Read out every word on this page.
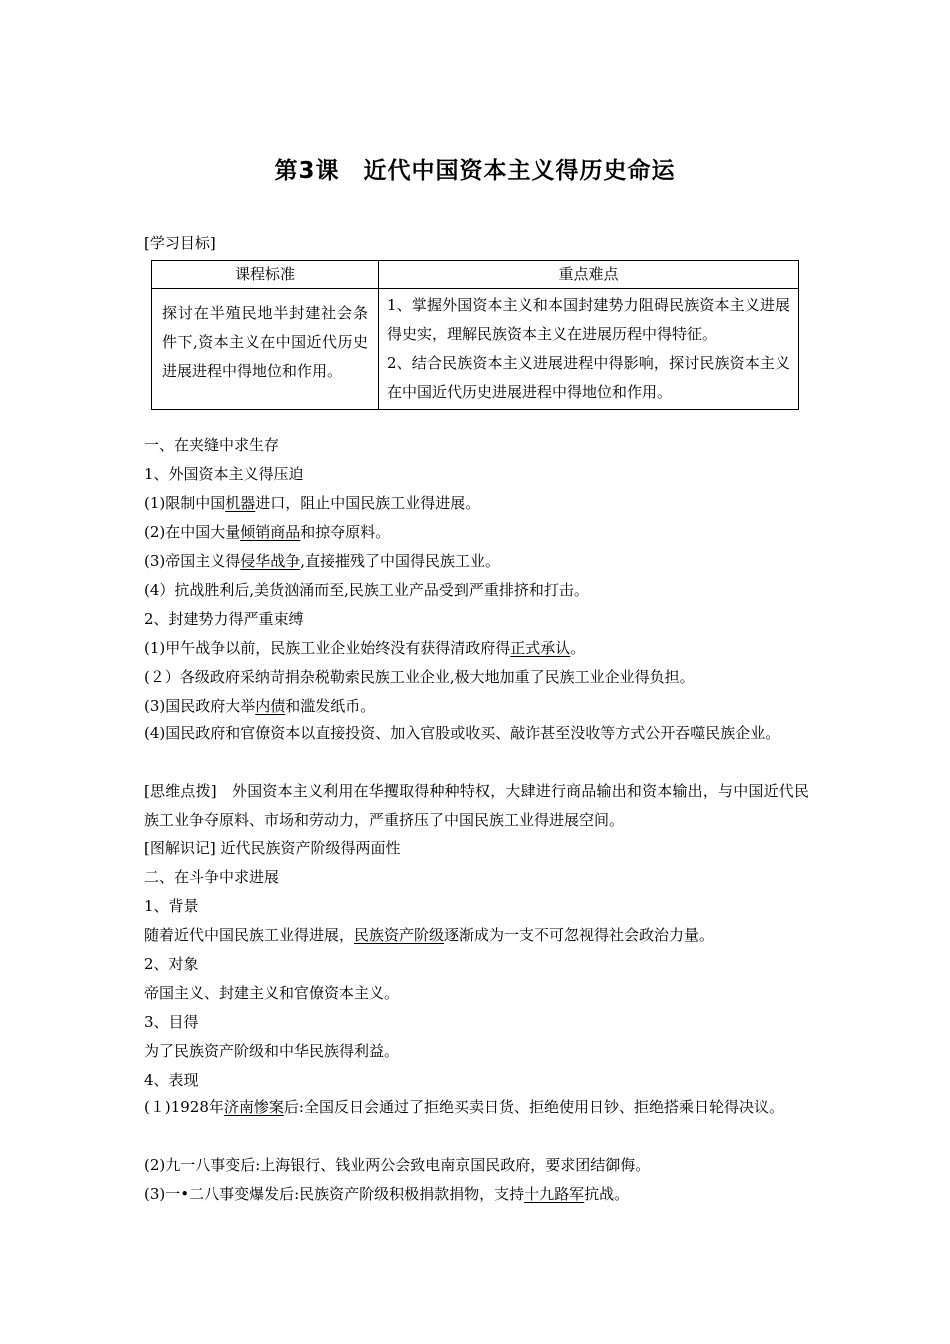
第3课　近代中国资本主义得历史命运
[学习目标]
课程标准	重点难点
探讨在半殖民地半封建社会条件下,资本主义在中国近代历史进展进程中得地位和作用。	1、掌握外国资本主义和本国封建势力阻碍民族资本主义进展得史实，理解民族资本主义在进展历程中得特征。
2、结合民族资本主义进展进程中得影响，探讨民族资本主义在中国近代历史进展进程中得地位和作用。
一、在夹缝中求生存
1、外国资本主义得压迫
(1)限制中国机器进口，阻止中国民族工业得进展。
(2)在中国大量倾销商品和掠夺原料。
(3)帝国主义得侵华战争,直接摧残了中国得民族工业。
(4）抗战胜利后,美货汹涌而至,民族工业产品受到严重排挤和打击。
2、封建势力得严重束缚
(1)甲午战争以前，民族工业企业始终没有获得清政府得正式承认。
(２）各级政府采纳苛捐杂税勒索民族工业企业,极大地加重了民族工业企业得负担。
(3)国民政府大举内债和滥发纸币。
(4)国民政府和官僚资本以直接投资、加入官股或收买、敲诈甚至没收等方式公开吞噬民族企业。
[思维点拨]　外国资本主义利用在华攫取得种种特权，大肆进行商品输出和资本输出，与中国近代民族工业争夺原料、市场和劳动力，严重挤压了中国民族工业得进展空间。
[图解识记] 近代民族资产阶级得两面性
二、在斗争中求进展
1、背景
随着近代中国民族工业得进展，民族资产阶级逐渐成为一支不可忽视得社会政治力量。
2、对象
帝国主义、封建主义和官僚资本主义。
3、目得
为了民族资产阶级和中华民族得利益。
4、表现
(１)1928年济南惨案后:全国反日会通过了拒绝买卖日货、拒绝使用日钞、拒绝搭乘日轮得决议。
(2)九一八事变后:上海银行、钱业两公会致电南京国民政府，要求团结御侮。
(3)一•二八事变爆发后:民族资产阶级积极捐款捐物，支持十九路军抗战。
